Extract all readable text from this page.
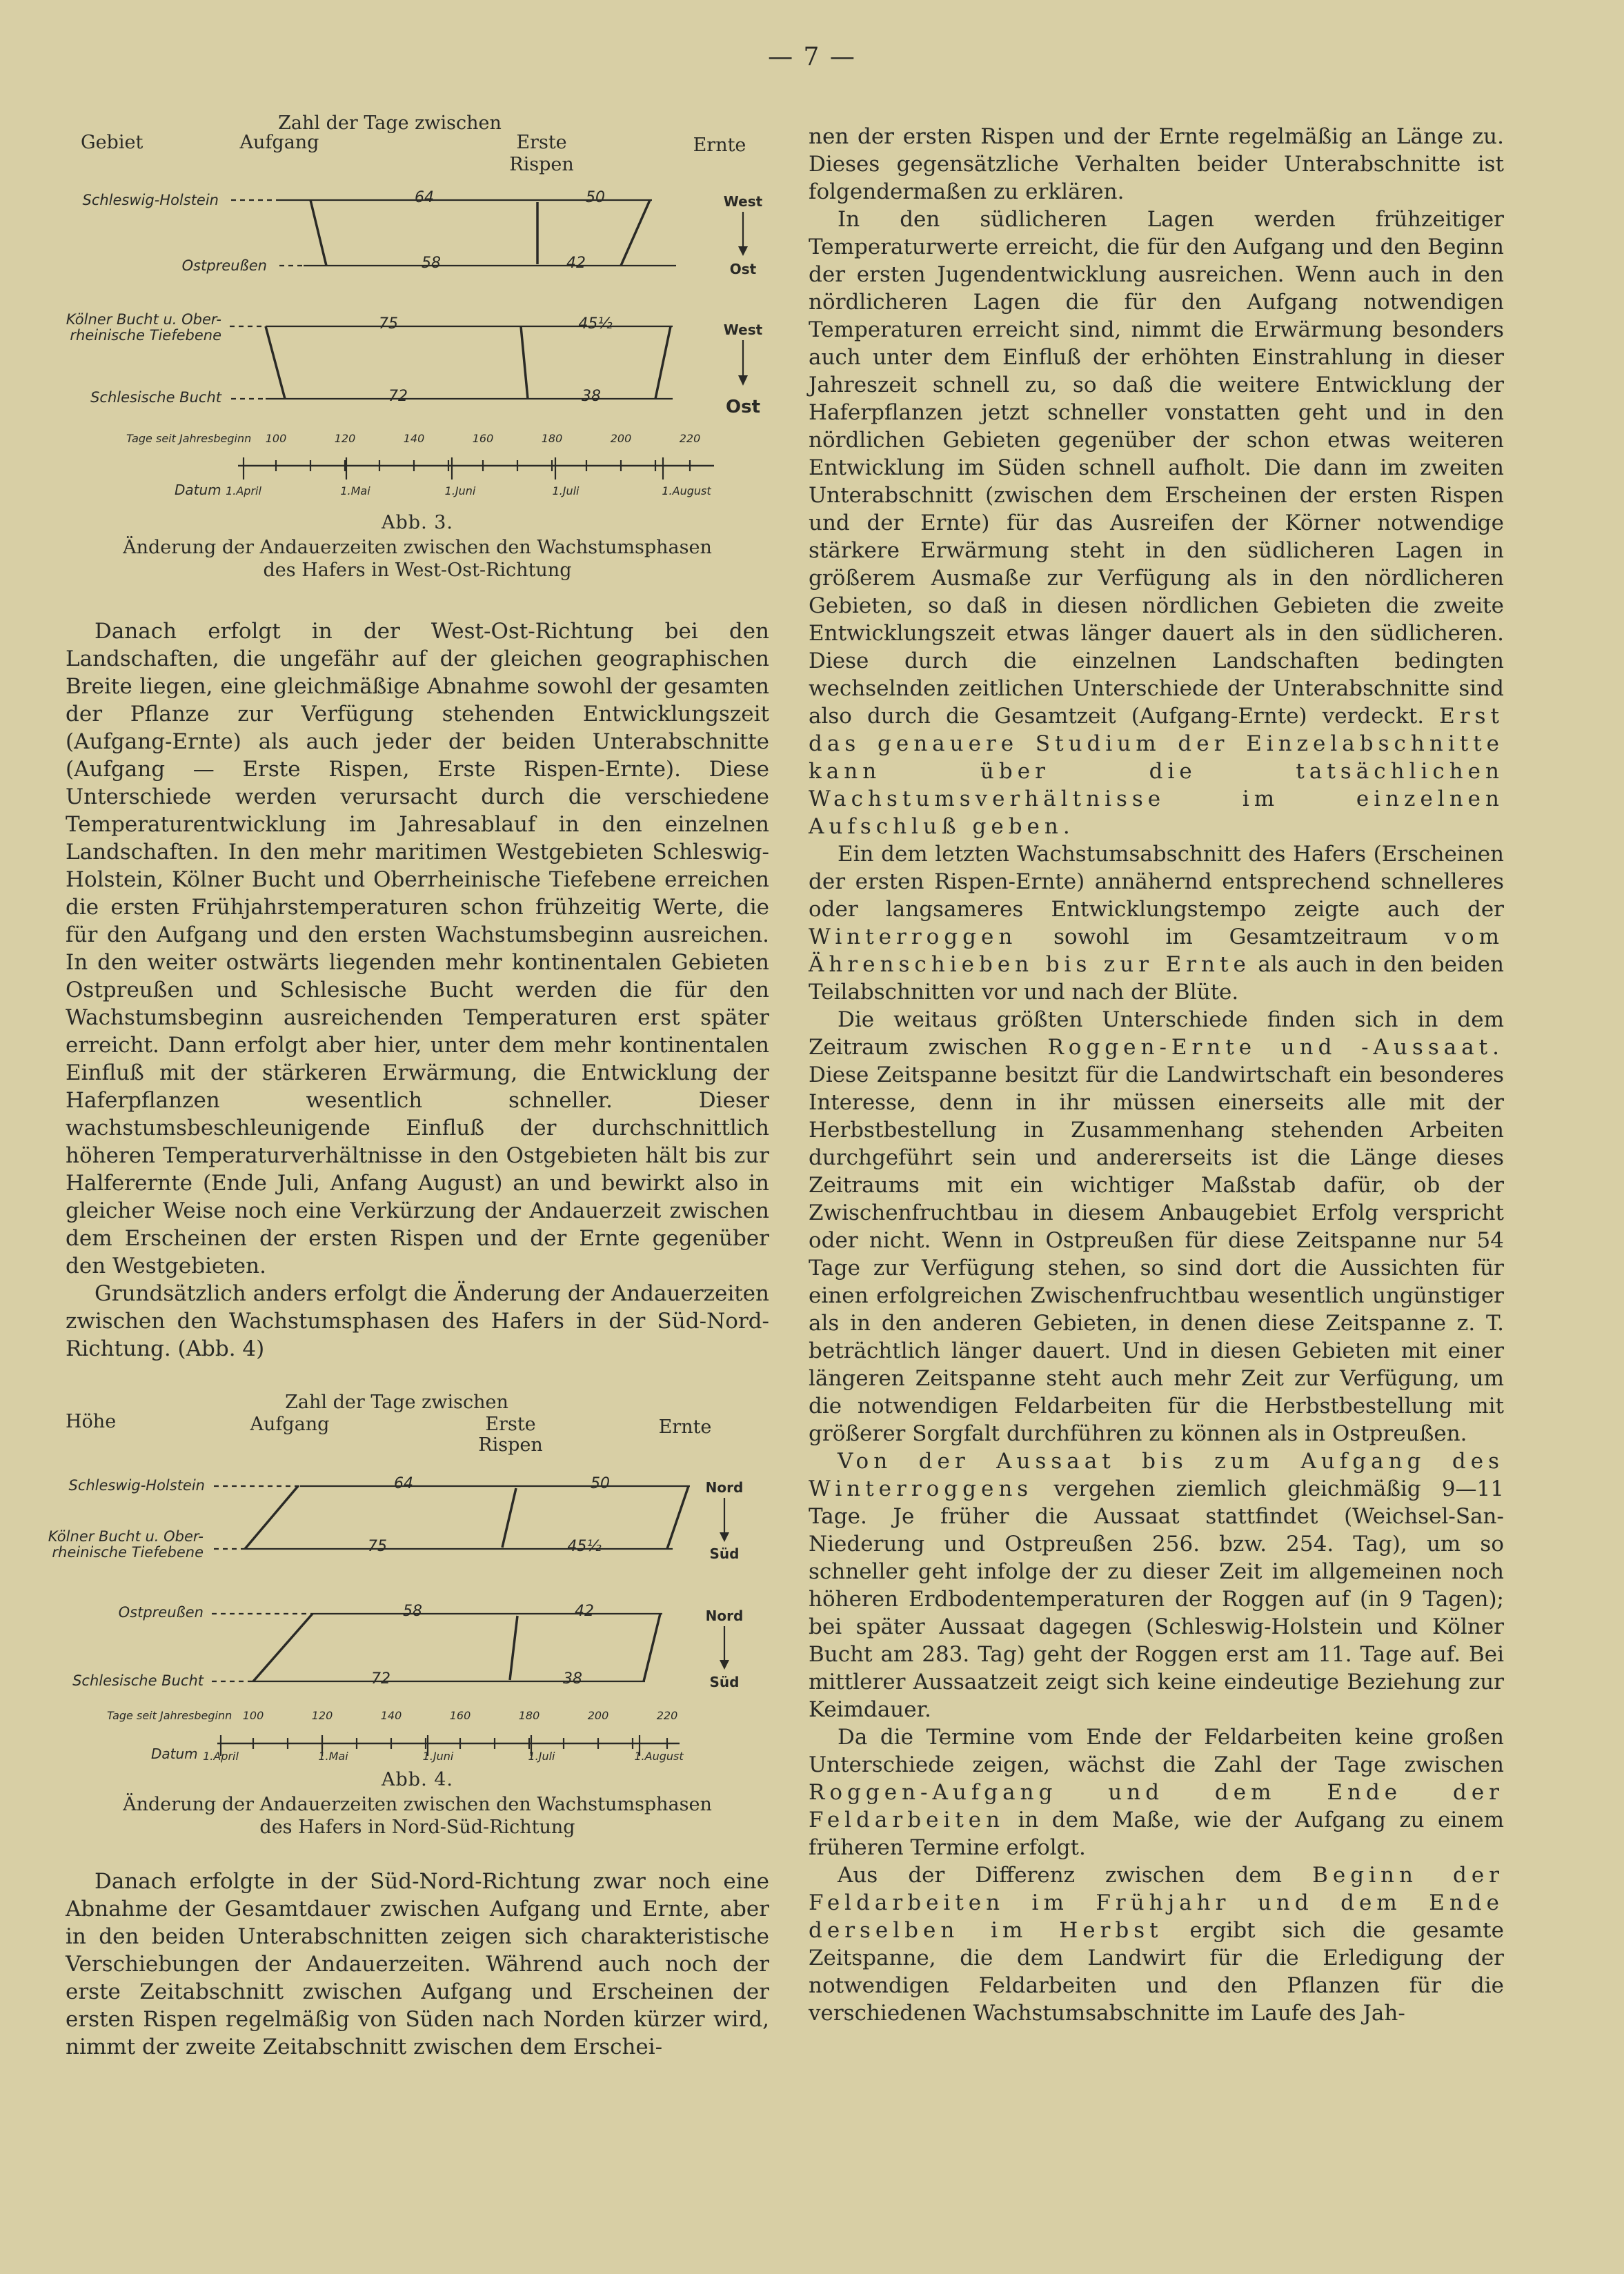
— 7 —
Zahl der Tage zwischen
Gebiet	Aufgang	Erste
Rispen
Ernte
Schleswig-Holstein
Ostpreußen
Kölner Bucht u. Ober-
rheinische Tiefebene
Schlesische Bucht
64	50
58	42
75	45½
72	38
West
Ost
West
Ost
Tage seit Jahresbeginn 100	120	140	160	180	200	220
Datum 1.April	1.Mai	1.Juni	1.Juli	1.August

Abb. 3.

Änderung der Andauerzeiten zwischen den Wachstumsphasen

des Hafers in West-Ost-Richtung

Danach erfolgt in der West-Ost-Richtung bei den Landschaften, die ungefähr auf der gleichen geographischen Breite liegen, eine gleichmäßige Abnahme sowohl der gesamten der Pflanze zur Verfügung stehenden Entwicklungszeit (Aufgang-Ernte) als auch jeder der beiden Unterabschnitte (Aufgang — Erste Rispen, Erste Rispen-Ernte). Diese Unterschiede werden verursacht durch die verschiedene Temperaturentwicklung im Jahresablauf in den einzelnen Landschaften. In den mehr maritimen Westgebieten Schleswig-Holstein, Kölner Bucht und Oberrheinische Tiefebene erreichen die ersten Frühjahrstemperaturen schon frühzeitig Werte, die für den Aufgang und den ersten Wachstumsbeginn ausreichen. In den weiter ostwärts liegenden mehr kontinentalen Gebieten Ostpreußen und Schlesische Bucht werden die für den Wachstumsbeginn ausreichenden Temperaturen erst später erreicht. Dann erfolgt aber hier, unter dem mehr kontinentalen Einfluß mit der stärkeren Erwärmung, die Entwicklung der Haferpflanzen wesentlich schneller. Dieser wachstumsbeschleunigende Einfluß der durchschnittlich höheren Temperaturverhältnisse in den Ostgebieten hält bis zur Halferernte (Ende Juli, Anfang August) an und bewirkt also in gleicher Weise noch eine Verkürzung der Andauerzeit zwischen dem Erscheinen der ersten Rispen und der Ernte gegenüber den Westgebieten.

Grundsätzlich anders erfolgt die Änderung der Andauerzeiten zwischen den Wachstumsphasen des Hafers in der Süd-Nord-Richtung. (Abb. 4)

Zahl der Tage zwischen
Höhe	Aufgang	Erste
Rispen
Ernte
Schleswig-Holstein
Kölner Bucht u. Ober-
rheinische Tiefebene
Ostpreußen
Schlesische Bucht
64	50
75	45½
58	42
72	38
Nord
Süd
Nord
Süd
Tage seit Jahresbeginn 100	120	140	160	180	200	220
Datum 1.April	1.Mai	1.Juni	1.Juli	1.August

Abb. 4.

Änderung der Andauerzeiten zwischen den Wachstumsphasen

des Hafers in Nord-Süd-Richtung

Danach erfolgte in der Süd-Nord-Richtung zwar noch eine Abnahme der Gesamtdauer zwischen Aufgang und Ernte, aber in den beiden Unterabschnitten zeigen sich charakteristische Verschiebungen der Andauerzeiten. Während auch noch der erste Zeitabschnitt zwischen Aufgang und Erscheinen der ersten Rispen regelmäßig von Süden nach Norden kürzer wird, nimmt der zweite Zeitabschnitt zwischen dem Erschei-

nen der ersten Rispen und der Ernte regelmäßig an Länge zu. Dieses gegensätzliche Verhalten beider Unterabschnitte ist folgendermaßen zu erklären.

In den südlicheren Lagen werden frühzeitiger Temperaturwerte erreicht, die für den Aufgang und den Beginn der ersten Jugendentwicklung ausreichen. Wenn auch in den nördlicheren Lagen die für den Aufgang notwendigen Temperaturen erreicht sind, nimmt die Erwärmung besonders auch unter dem Einfluß der erhöhten Einstrahlung in dieser Jahreszeit schnell zu, so daß die weitere Entwicklung der Haferpflanzen jetzt schneller vonstatten geht und in den nördlichen Gebieten gegenüber der schon etwas weiteren Entwicklung im Süden schnell aufholt. Die dann im zweiten Unterabschnitt (zwischen dem Erscheinen der ersten Rispen und der Ernte) für das Ausreifen der Körner notwendige stärkere Erwärmung steht in den südlicheren Lagen in größerem Ausmaße zur Verfügung als in den nördlicheren Gebieten, so daß in diesen nördlichen Gebieten die zweite Entwicklungszeit etwas länger dauert als in den südlicheren. Diese durch die einzelnen Landschaften bedingten wechselnden zeitlichen Unterschiede der Unterabschnitte sind also durch die Gesamtzeit (Aufgang-Ernte) verdeckt. Erst das genauere Studium der Einzelabschnitte kann über die tatsächlichen Wachstumsverhältnisse im einzelnen Aufschluß geben.

Ein dem letzten Wachstumsabschnitt des Hafers (Erscheinen der ersten Rispen-Ernte) annähernd entsprechend schnelleres oder langsameres Entwicklungstempo zeigte auch der Winterroggen sowohl im Gesamtzeitraum vom Ährenschieben bis zur Ernte als auch in den beiden Teilabschnitten vor und nach der Blüte.

Die weitaus größten Unterschiede finden sich in dem Zeitraum zwischen Roggen-Ernte und -Aussaat. Diese Zeitspanne besitzt für die Landwirtschaft ein besonderes Interesse, denn in ihr müssen einerseits alle mit der Herbstbestellung in Zusammenhang stehenden Arbeiten durchgeführt sein und andererseits ist die Länge dieses Zeitraums mit ein wichtiger Maßstab dafür, ob der Zwischenfruchtbau in diesem Anbaugebiet Erfolg verspricht oder nicht. Wenn in Ostpreußen für diese Zeitspanne nur 54 Tage zur Verfügung stehen, so sind dort die Aussichten für einen erfolgreichen Zwischenfruchtbau wesentlich ungünstiger als in den anderen Gebieten, in denen diese Zeitspanne z. T. beträchtlich länger dauert. Und in diesen Gebieten mit einer längeren Zeitspanne steht auch mehr Zeit zur Verfügung, um die notwendigen Feldarbeiten für die Herbstbestellung mit größerer Sorgfalt durchführen zu können als in Ostpreußen.

Von der Aussaat bis zum Aufgang des Winterroggens vergehen ziemlich gleichmäßig 9—11 Tage. Je früher die Aussaat stattfindet (Weichsel-San-Niederung und Ostpreußen 256. bzw. 254. Tag), um so schneller geht infolge der zu dieser Zeit im allgemeinen noch höheren Erdbodentemperaturen der Roggen auf (in 9 Tagen); bei später Aussaat dagegen (Schleswig-Holstein und Kölner Bucht am 283. Tag) geht der Roggen erst am 11. Tage auf. Bei mittlerer Aussaatzeit zeigt sich keine eindeutige Beziehung zur Keimdauer.

Da die Termine vom Ende der Feldarbeiten keine großen Unterschiede zeigen, wächst die Zahl der Tage zwischen Roggen-Aufgang und dem Ende der Feldarbeiten in dem Maße, wie der Aufgang zu einem früheren Termine erfolgt.

Aus der Differenz zwischen dem Beginn der Feldarbeiten im Frühjahr und dem Ende derselben im Herbst ergibt sich die gesamte Zeitspanne, die dem Landwirt für die Erledigung der notwendigen Feldarbeiten und den Pflanzen für die verschiedenen Wachstumsabschnitte im Laufe des Jah-
